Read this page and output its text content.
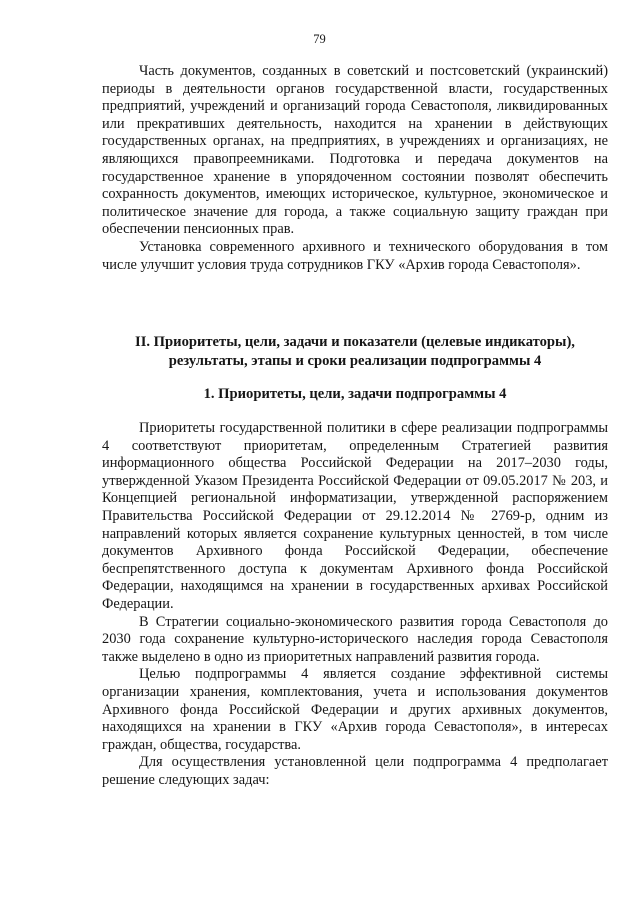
79

Часть документов, созданных в советский и постсоветский (украинский) периоды в деятельности органов государственной власти, государственных предприятий, учреждений и организаций города Севастополя, ликвидированных или прекративших деятельность, находится на хранении в действующих государственных органах, на предприятиях, в учреждениях и организациях, не являющихся правопреемниками. Подготовка и передача документов на государственное хранение в упорядоченном состоянии позволят обеспечить сохранность документов, имеющих историческое, культурное, экономическое и политическое значение для города, а также социальную защиту граждан при обеспечении пенсионных прав.

Установка современного архивного и технического оборудования в том числе улучшит условия труда сотрудников ГКУ «Архив города Севастополя».

II. Приоритеты, цели, задачи и показатели (целевые индикаторы),
результаты, этапы и сроки реализации подпрограммы 4
1. Приоритеты, цели, задачи подпрограммы 4

Приоритеты государственной политики в сфере реализации подпрограммы 4 соответствуют приоритетам, определенным Стратегией развития информационного общества Российской Федерации на 2017–2030 годы, утвержденной Указом Президента Российской Федерации от 09.05.2017 № 203, и Концепцией региональной информатизации, утвержденной распоряжением Правительства Российской Федерации от 29.12.2014 № 2769-р, одним из направлений которых является сохранение культурных ценностей, в том числе документов Архивного фонда Российской Федерации, обеспечение беспрепятственного доступа к документам Архивного фонда Российской Федерации, находящимся на хранении в государственных архивах Российской Федерации.

В Стратегии социально-экономического развития города Севастополя до 2030 года сохранение культурно-исторического наследия города Севастополя также выделено в одно из приоритетных направлений развития города.

Целью подпрограммы 4 является создание эффективной системы организации хранения, комплектования, учета и использования документов Архивного фонда Российской Федерации и других архивных документов, находящихся на хранении в ГКУ «Архив города Севастополя», в интересах граждан, общества, государства.

Для осуществления установленной цели подпрограмма 4 предполагает решение следующих задач:
